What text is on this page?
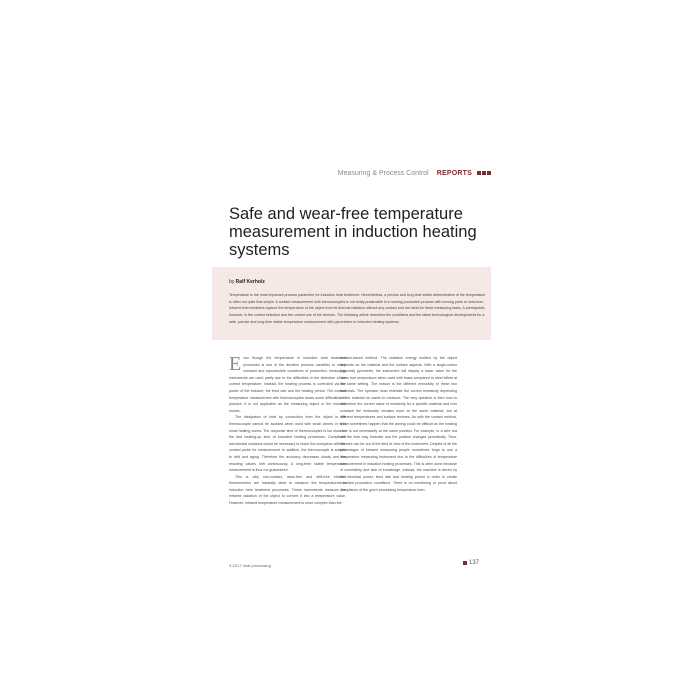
Measuring & Process Control REPORTS
Safe and wear-free temperature measurement in induction heating systems
by Ralf Kerholz

Temperature is the most important process parameter for induction heat treatment. Nevertheless, a precise and long-time stable determination of the temperature is often not quite that simple. A contact measurement with thermocouples is not really practicable in a running production process with moving parts or inductors. Infrared thermometers capture the temperature of the object from its thermal radiation without any contact and are ideal for these measuring tasks. A prerequisite, however, is the correct selection and the correct use of the devices. The following article describes the conditions and the latest technological developments for a safe, precise and long-time stable temperature measurement with pyrometers in induction heating systems.

Even though the temperature in induction heat treatment processes is one of the decisive process variables to reach constant and reproducible conditions of production, measuring instruments are used partly due to the difficulties in the detection of the correct temperature. Instead, the heating process is controlled via the power of the inductor, the feed rate and the heating period. The contact temperature measurement with thermocouples bears some difficulties: in practice, it is not applicable as the measuring object or the inductor moves.

The dissipation of heat by conduction from the object to the thermocouple cannot be avoided when used with small pieces or with small heating zones. The response time of thermocouples is too slow for the fast heating-up time of inductive heating processes. Complicate mechanical solutions would be necessary to reach the workpiece with the contact probe for measurement. In addition, the thermocouple is subject to drift and aging. Therefore the accuracy decreases slowly and the resulting values drift continuously. A long-term stable temperature measurement is thus not guaranteed.

This is why non-contact, wear-free and drift-free infrared thermometers are basically ideal to measure the temperatures in induction heat treatment processes. These instruments measure the infrared radiation of the object to convert it into a temperature value. However, infrared temperature measurement is more complex than the

contact-based method. The radiation energy emitted by the object depends on the material and the surface aspects. With a single-colour (spectral) pyrometer, the instrument will display a lower value for the same true temperature when used with brass compared to steel billets at the same setting. The reason is the different emissivity of these two materials. The operator must estimate the correct emissivity depending on the material he wants to measure. The very question is then how to determine the correct value of emissivity for a specific material and how constant the emissivity remains even at the same material, but at different temperatures and surface textures. As with the contact method, it can sometimes happen that the aiming could be difficult as the heating zone is not necessarily at the same position. For example, in a wire rod mill the wire may fluctuate and the position changes periodically. Thus, the wire can be out of the field of view of the instrument. Despite of all the advantages of infrared measuring people sometimes forgo to use a temperature measuring instrument due to the difficulties of temperature measurement in induction heating processes. This is often done because of uncertainty and lack of knowledge. Instead, the machine is driven by the electrical power, feed rate and heating period in order to create constant production conditions. There is no monitoring or proof about compliance of the given processing temperature then.

3-2017 heat processing	137
